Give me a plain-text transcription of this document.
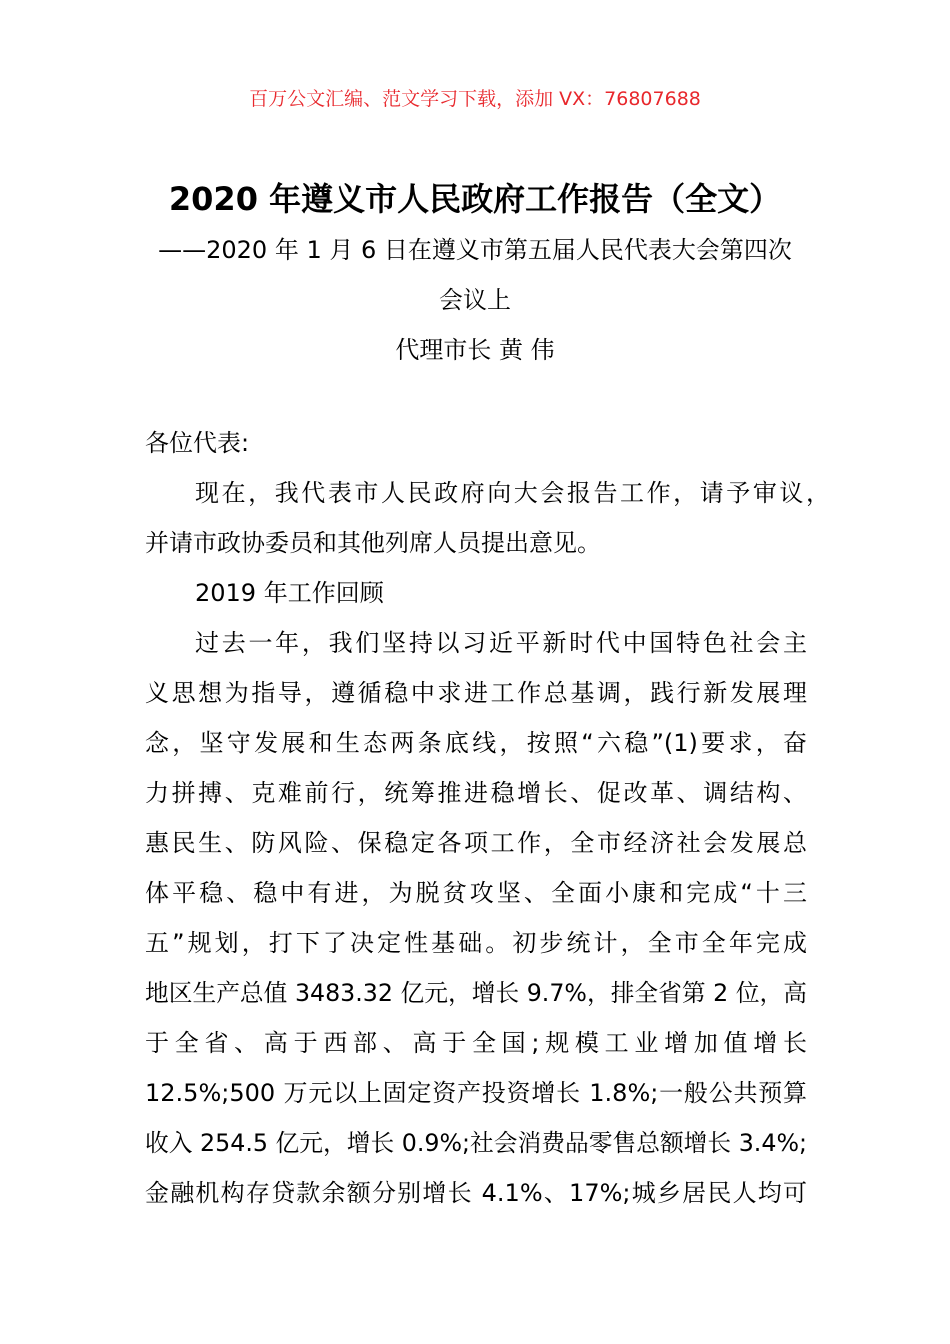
百万公文汇编、范文学习下载，添加 VX：76807688
2020 年遵义市人民政府工作报告（全文）
——2020 年 1 月 6 日在遵义市第五届人民代表大会第四次
会议上
代理市长 黄 伟
各位代表:
现在，我代表市人民政府向大会报告工作，请予审议，
并请市政协委员和其他列席人员提出意见。
2019 年工作回顾
过去一年，我们坚持以习近平新时代中国特色社会主
义思想为指导，遵循稳中求进工作总基调，践行新发展理
念，坚守发展和生态两条底线，按照“六稳”(1)要求，奋
力拼搏、克难前行，统筹推进稳增长、促改革、调结构、
惠民生、防风险、保稳定各项工作，全市经济社会发展总
体平稳、稳中有进，为脱贫攻坚、全面小康和完成“十三
五”规划，打下了决定性基础。初步统计，全市全年完成
地区生产总值 3483.32 亿元，增长 9.7%，排全省第 2 位，高
于全省、高于西部、高于全国;规模工业增加值增长
12.5%;500 万元以上固定资产投资增长 1.8%;一般公共预算
收入 254.5 亿元，增长 0.9%;社会消费品零售总额增长 3.4%;
金融机构存贷款余额分别增长 4.1%、17%;城乡居民人均可
